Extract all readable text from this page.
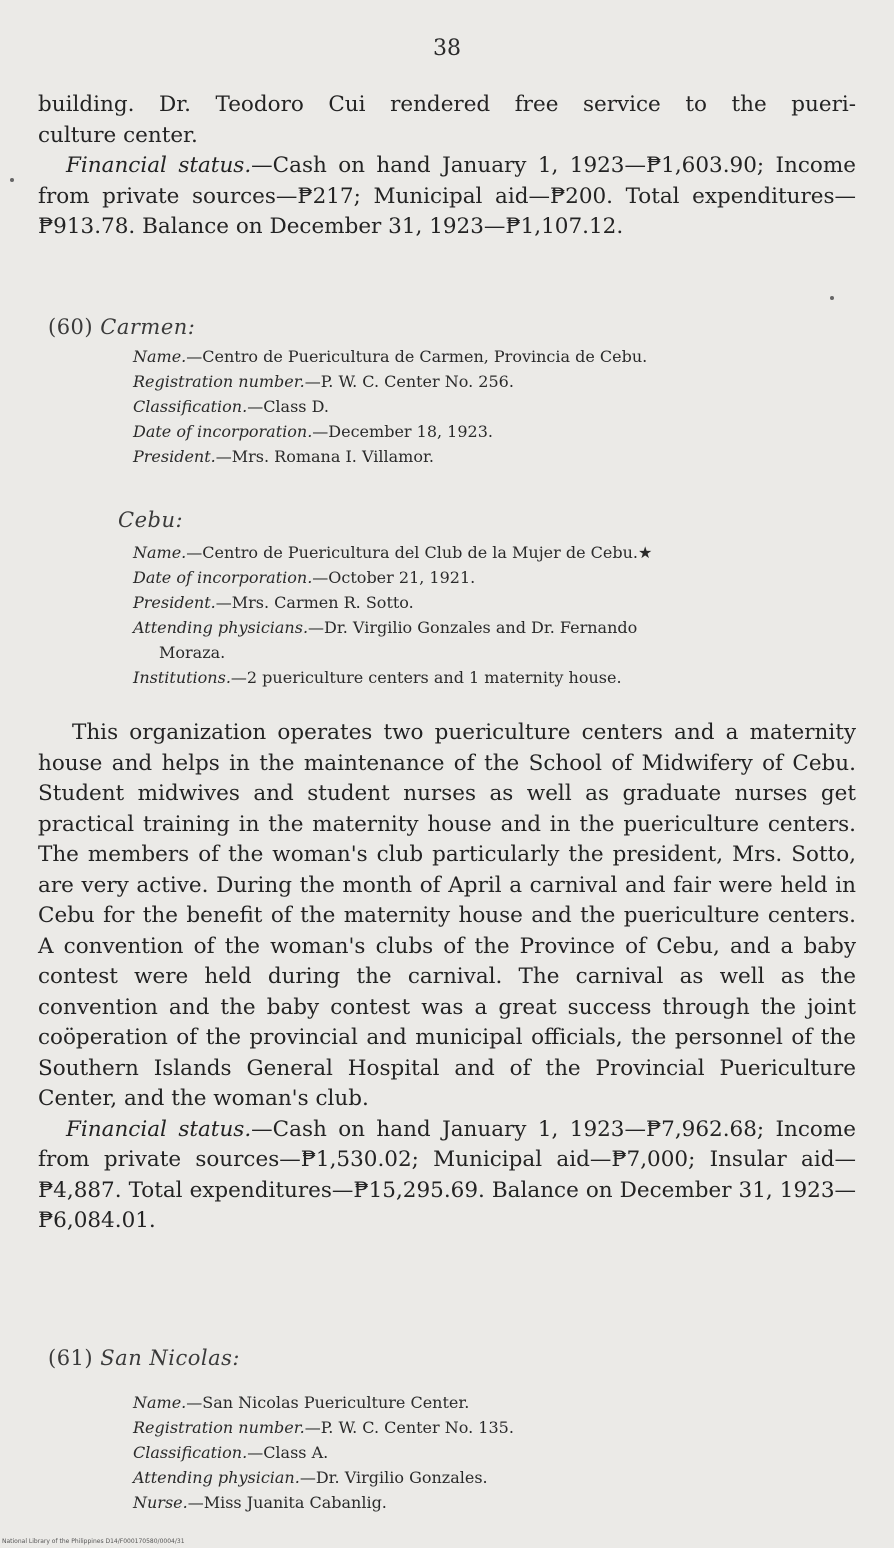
38

building. Dr. Teodoro Cui rendered free service to the pueri-

culture center.

Financial status.—Cash on hand January 1, 1923—₱1,603.90; Income from private sources—₱217; Municipal aid—₱200. Total expenditures—₱913.78. Balance on December 31, 1923—₱1,107.12.

(60) Carmen:
Name.—Centro de Puericultura de Carmen, Provincia de Cebu.
Registration number.—P. W. C. Center No. 256.
Classification.—Class D.
Date of incorporation.—December 18, 1923.
President.—Mrs. Romana I. Villamor.
Cebu:
Name.—Centro de Puericultura del Club de la Mujer de Cebu.★
Date of incorporation.—October 21, 1921.
President.—Mrs. Carmen R. Sotto.
Attending physicians.—Dr. Virgilio Gonzales and Dr. Fernando
Moraza.
Institutions.—2 puericulture centers and 1 maternity house.

This organization operates two puericulture centers and a maternity house and helps in the maintenance of the School of Midwifery of Cebu. Student midwives and student nurses as well as graduate nurses get practical training in the maternity house and in the puericulture centers. The members of the woman's club particularly the president, Mrs. Sotto, are very active. During the month of April a carnival and fair were held in Cebu for the benefit of the maternity house and the puericulture centers. A convention of the woman's clubs of the Province of Cebu, and a baby contest were held during the carnival. The carnival as well as the convention and the baby contest was a great success through the joint coöperation of the provincial and municipal officials, the personnel of the Southern Islands General Hospital and of the Provincial Puericulture Center, and the woman's club.

Financial status.—Cash on hand January 1, 1923—₱7,962.68; Income from private sources—₱1,530.02; Municipal aid—₱7,000; Insular aid—₱4,887. Total expenditures—₱15,295.69. Balance on December 31, 1923—₱6,084.01.

(61) San Nicolas:
Name.—San Nicolas Puericulture Center.
Registration number.—P. W. C. Center No. 135.
Classification.—Class A.
Attending physician.—Dr. Virgilio Gonzales.
Nurse.—Miss Juanita Cabanlig.
National Library of the Philippines D14/F000170580/0004/31
